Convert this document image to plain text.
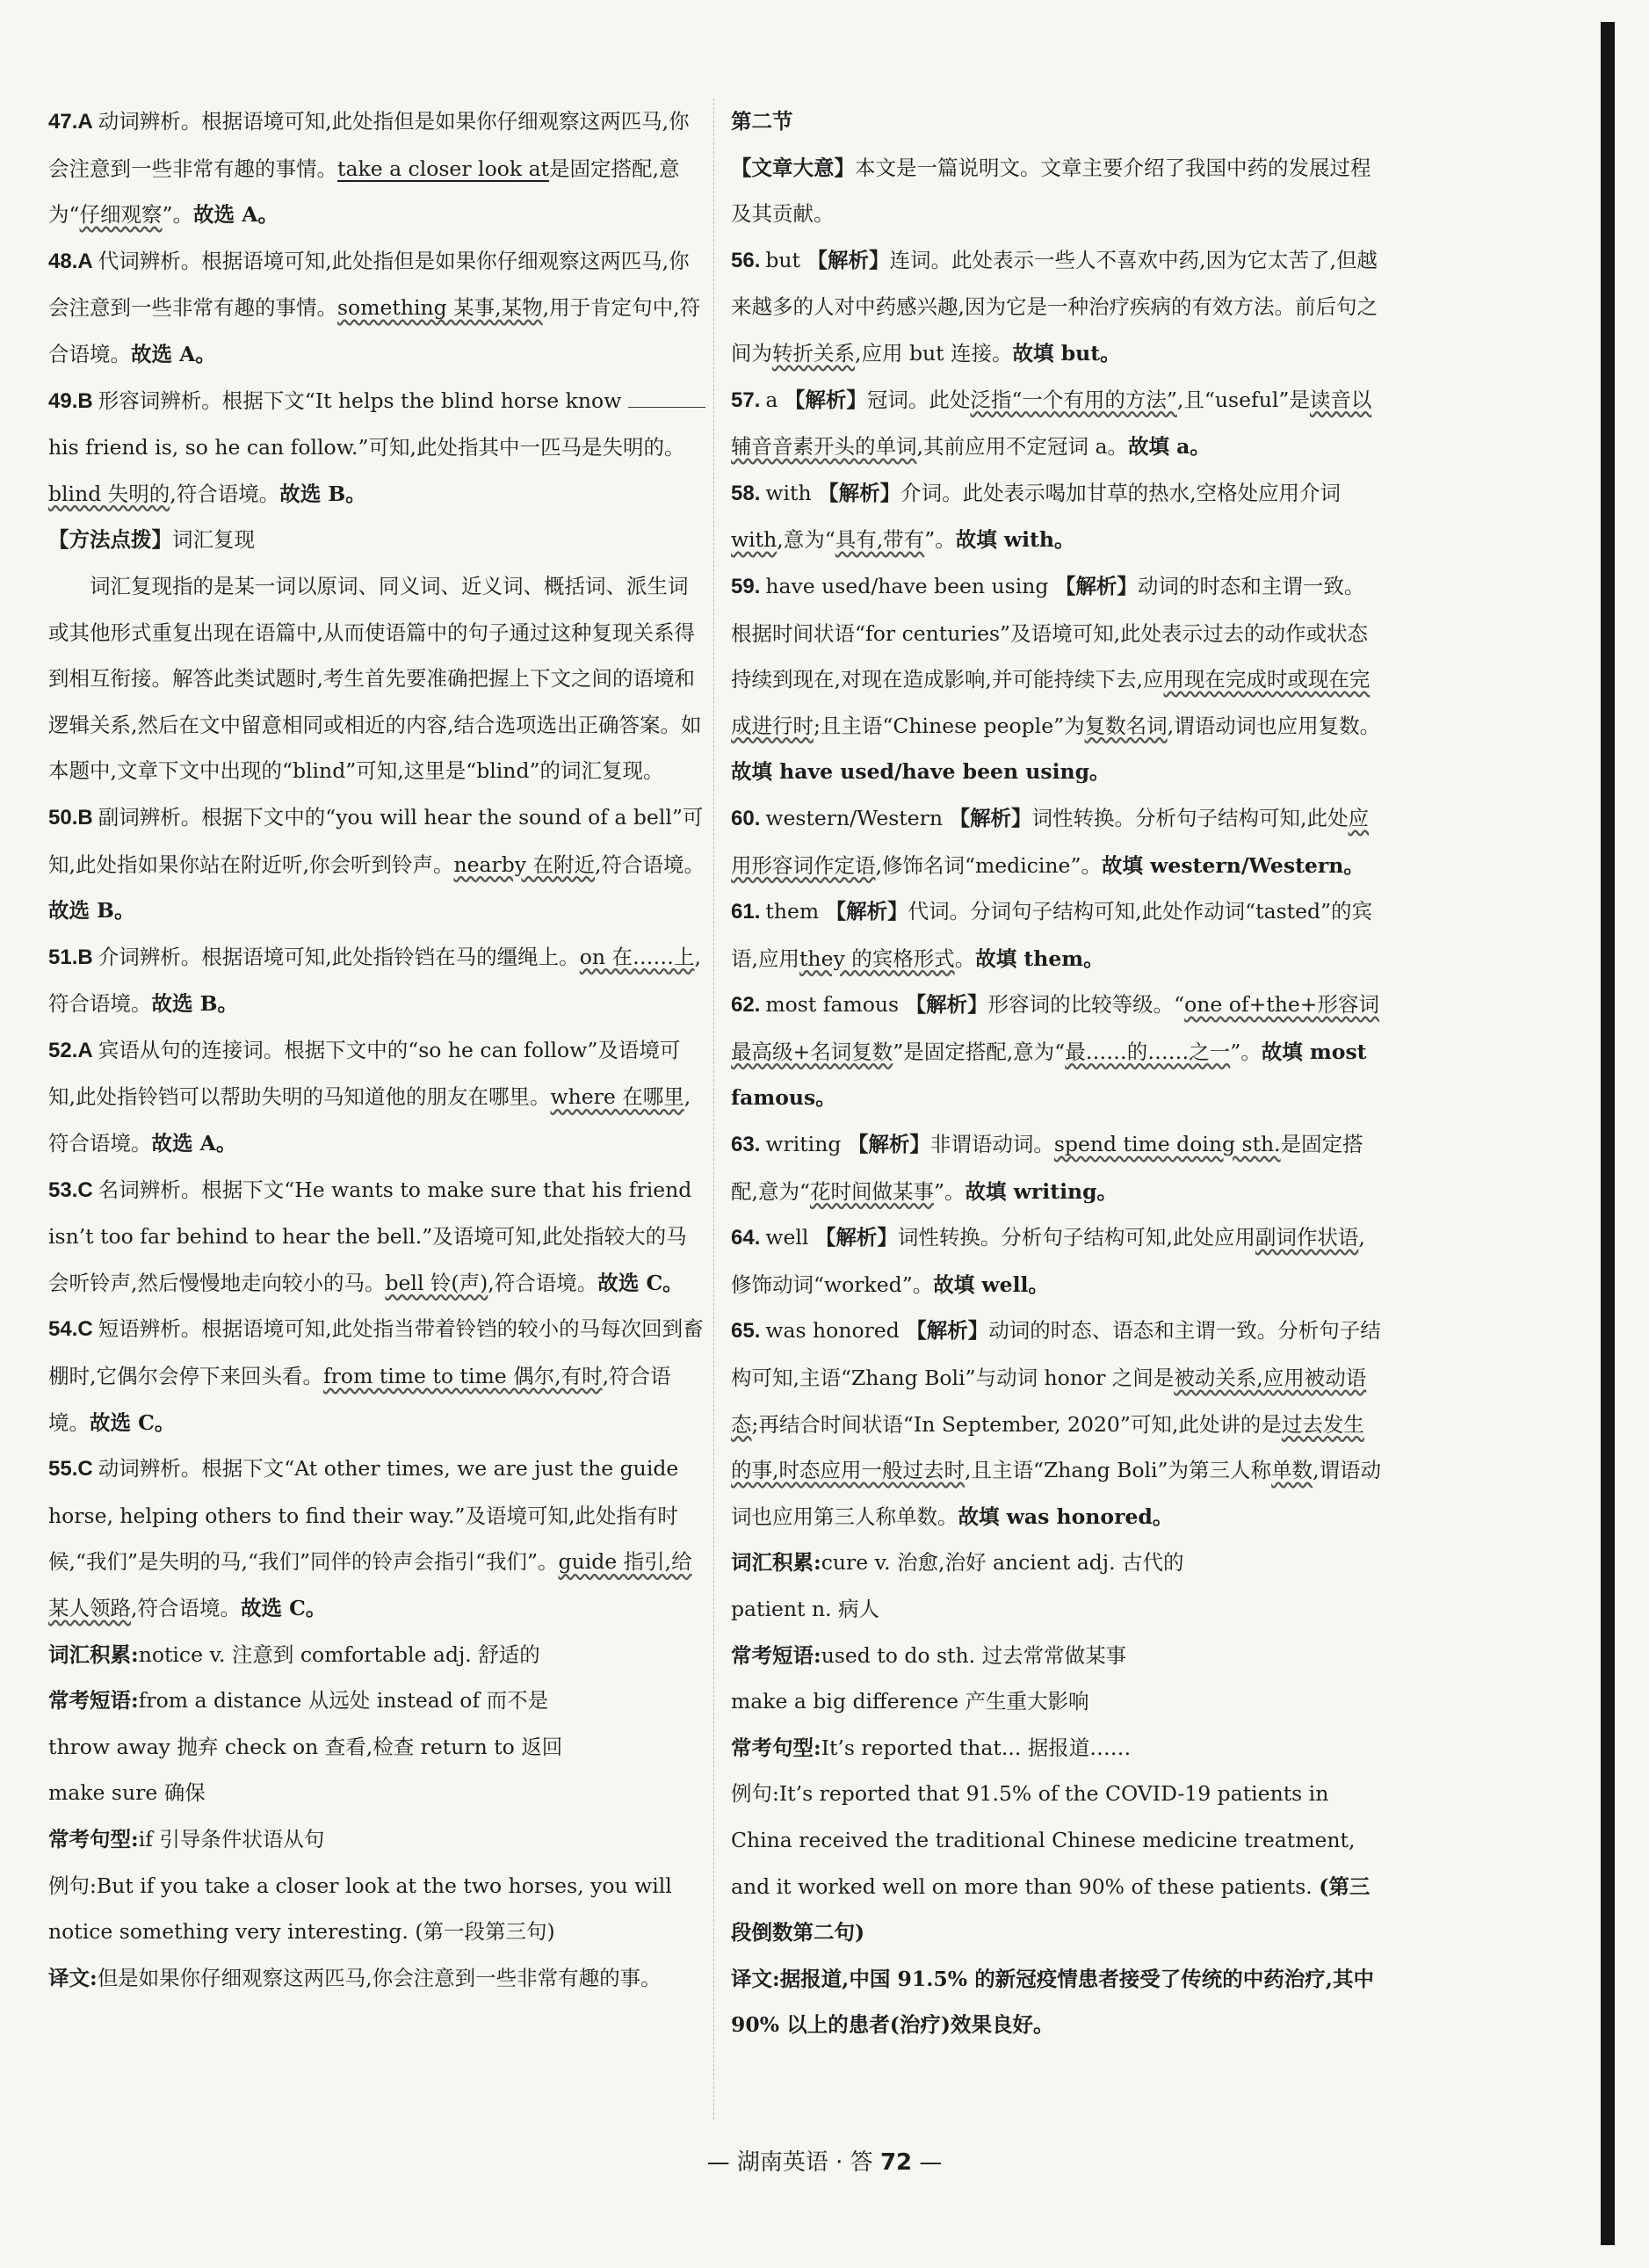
47.A 动词辨析。根据语境可知,此处指但是如果你仔细观察这两匹马,你会注意到一些非常有趣的事情。take a closer look at是固定搭配,意为“仔细观察”。故选 A。

48.A 代词辨析。根据语境可知,此处指但是如果你仔细观察这两匹马,你会注意到一些非常有趣的事情。something 某事,某物,用于肯定句中,符合语境。故选 A。

49.B 形容词辨析。根据下文“It helps the blind horse know  his friend is, so he can follow.”可知,此处指其中一匹马是失明的。blind 失明的,符合语境。故选 B。

【方法点拨】词汇复现

词汇复现指的是某一词以原词、同义词、近义词、概括词、派生词或其他形式重复出现在语篇中,从而使语篇中的句子通过这种复现关系得到相互衔接。解答此类试题时,考生首先要准确把握上下文之间的语境和逻辑关系,然后在文中留意相同或相近的内容,结合选项选出正确答案。如本题中,文章下文中出现的“blind”可知,这里是“blind”的词汇复现。

50.B 副词辨析。根据下文中的“you will hear the sound of a bell”可知,此处指如果你站在附近听,你会听到铃声。nearby 在附近,符合语境。故选 B。

51.B 介词辨析。根据语境可知,此处指铃铛在马的缰绳上。on 在……上,符合语境。故选 B。

52.A 宾语从句的连接词。根据下文中的“so he can follow”及语境可知,此处指铃铛可以帮助失明的马知道他的朋友在哪里。where 在哪里,符合语境。故选 A。

53.C 名词辨析。根据下文“He wants to make sure that his friend isn’t too far behind to hear the bell.”及语境可知,此处指较大的马会听铃声,然后慢慢地走向较小的马。bell 铃(声),符合语境。故选 C。

54.C 短语辨析。根据语境可知,此处指当带着铃铛的较小的马每次回到畜棚时,它偶尔会停下来回头看。from time to time 偶尔,有时,符合语境。故选 C。

55.C 动词辨析。根据下文“At other times, we are just the guide horse, helping others to find their way.”及语境可知,此处指有时候,“我们”是失明的马,“我们”同伴的铃声会指引“我们”。guide 指引,给某人领路,符合语境。故选 C。

词汇积累:notice v. 注意到 comfortable adj. 舒适的

常考短语:from a distance 从远处 instead of 而不是

throw away 抛弃 check on 查看,检查 return to 返回

make sure 确保

常考句型:if 引导条件状语从句

例句:But if you take a closer look at the two horses, you will notice something very interesting. (第一段第三句)

译文:但是如果你仔细观察这两匹马,你会注意到一些非常有趣的事。

第二节

【文章大意】本文是一篇说明文。文章主要介绍了我国中药的发展过程及其贡献。

56. but 【解析】连词。此处表示一些人不喜欢中药,因为它太苦了,但越来越多的人对中药感兴趣,因为它是一种治疗疾病的有效方法。前后句之间为转折关系,应用 but 连接。故填 but。

57. a 【解析】冠词。此处泛指“一个有用的方法”,且“useful”是读音以辅音音素开头的单词,其前应用不定冠词 a。故填 a。

58. with 【解析】介词。此处表示喝加甘草的热水,空格处应用介词with,意为“具有,带有”。故填 with。

59. have used/have been using 【解析】动词的时态和主谓一致。根据时间状语“for centuries”及语境可知,此处表示过去的动作或状态持续到现在,对现在造成影响,并可能持续下去,应用现在完成时或现在完成进行时;且主语“Chinese people”为复数名词,谓语动词也应用复数。故填 have used/have been using。

60. western/Western 【解析】词性转换。分析句子结构可知,此处应用形容词作定语,修饰名词“medicine”。故填 western/Western。

61. them 【解析】代词。分词句子结构可知,此处作动词“tasted”的宾语,应用they 的宾格形式。故填 them。

62. most famous 【解析】形容词的比较等级。“one of+the+形容词最高级+名词复数”是固定搭配,意为“最……的……之一”。故填 most famous。

63. writing 【解析】非谓语动词。spend time doing sth.是固定搭配,意为“花时间做某事”。故填 writing。

64. well 【解析】词性转换。分析句子结构可知,此处应用副词作状语,修饰动词“worked”。故填 well。

65. was honored 【解析】动词的时态、语态和主谓一致。分析句子结构可知,主语“Zhang Boli”与动词 honor 之间是被动关系,应用被动语态;再结合时间状语“In September, 2020”可知,此处讲的是过去发生的事,时态应用一般过去时,且主语“Zhang Boli”为第三人称单数,谓语动词也应用第三人称单数。故填 was honored。

词汇积累:cure v. 治愈,治好 ancient adj. 古代的

patient n. 病人

常考短语:used to do sth. 过去常常做某事

make a big difference 产生重大影响

常考句型:It’s reported that... 据报道……

例句:It’s reported that 91.5% of the COVID-19 patients in China received the traditional Chinese medicine treatment, and it worked well on more than 90% of these patients. (第三段倒数第二句)

译文:据报道,中国 91.5% 的新冠疫情患者接受了传统的中药治疗,其中 90% 以上的患者(治疗)效果良好。

— 湖南英语 · 答 72 —
